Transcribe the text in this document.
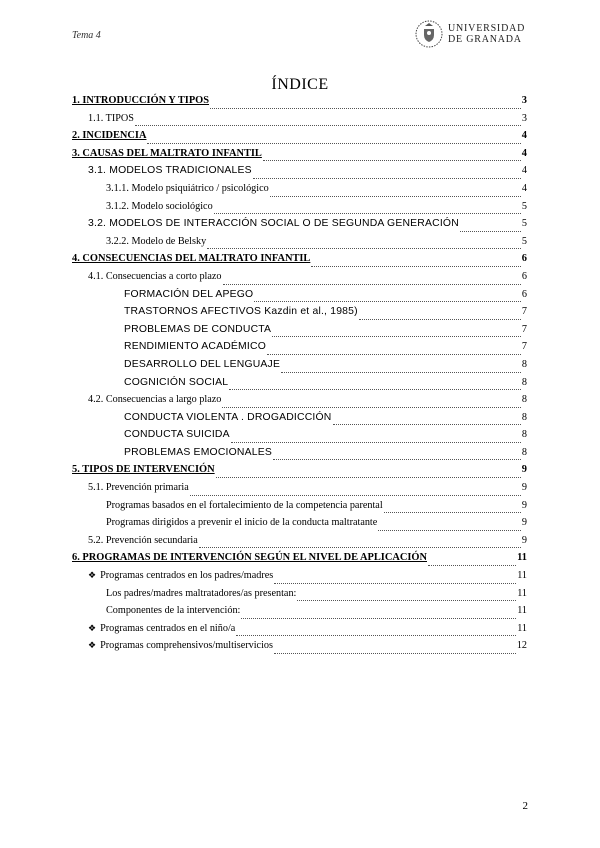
Tema 4
UNIVERSIDAD
DE GRANADA
ÍNDICE
1. INTRODUCCIÓN Y TIPOS	3
1.1. TIPOS	3
2. INCIDENCIA	4
3. CAUSAS DEL MALTRATO INFANTIL	4
3.1. MODELOS TRADICIONALES	4
3.1.1. Modelo psiquiátrico / psicológico	4
3.1.2. Modelo sociológico	5
3.2. MODELOS DE INTERACCIÓN SOCIAL O DE SEGUNDA GENERACIÓN	5
3.2.2. Modelo de Belsky	5
4. CONSECUENCIAS DEL MALTRATO INFANTIL	6
4.1. Consecuencias a corto plazo	6
FORMACIÓN DEL APEGO	6
TRASTORNOS AFECTIVOS Kazdin et al., 1985)	7
PROBLEMAS DE CONDUCTA	7
RENDIMIENTO ACADÉMICO	7
DESARROLLO DEL LENGUAJE	8
COGNICIÓN SOCIAL	8
4.2. Consecuencias a largo plazo	8
CONDUCTA VIOLENTA . DROGADICCIÓN	8
CONDUCTA SUICIDA	8
PROBLEMAS EMOCIONALES	8
5. TIPOS DE INTERVENCIÓN	9
5.1. Prevención primaria	9
Programas basados en el fortalecimiento de la competencia parental	9
Programas dirigidos a prevenir el inicio de la conducta maltratante	9
5.2. Prevención secundaria	9
6. PROGRAMAS DE INTERVENCIÓN SEGÚN EL NIVEL DE APLICACIÓN	11
❖ Programas centrados en los padres/madres	11
Los padres/madres maltratadores/as presentan:	11
Componentes de la intervención:	11
❖ Programas centrados en el niño/a	11
❖ Programas comprehensivos/multiservicios	12
2
